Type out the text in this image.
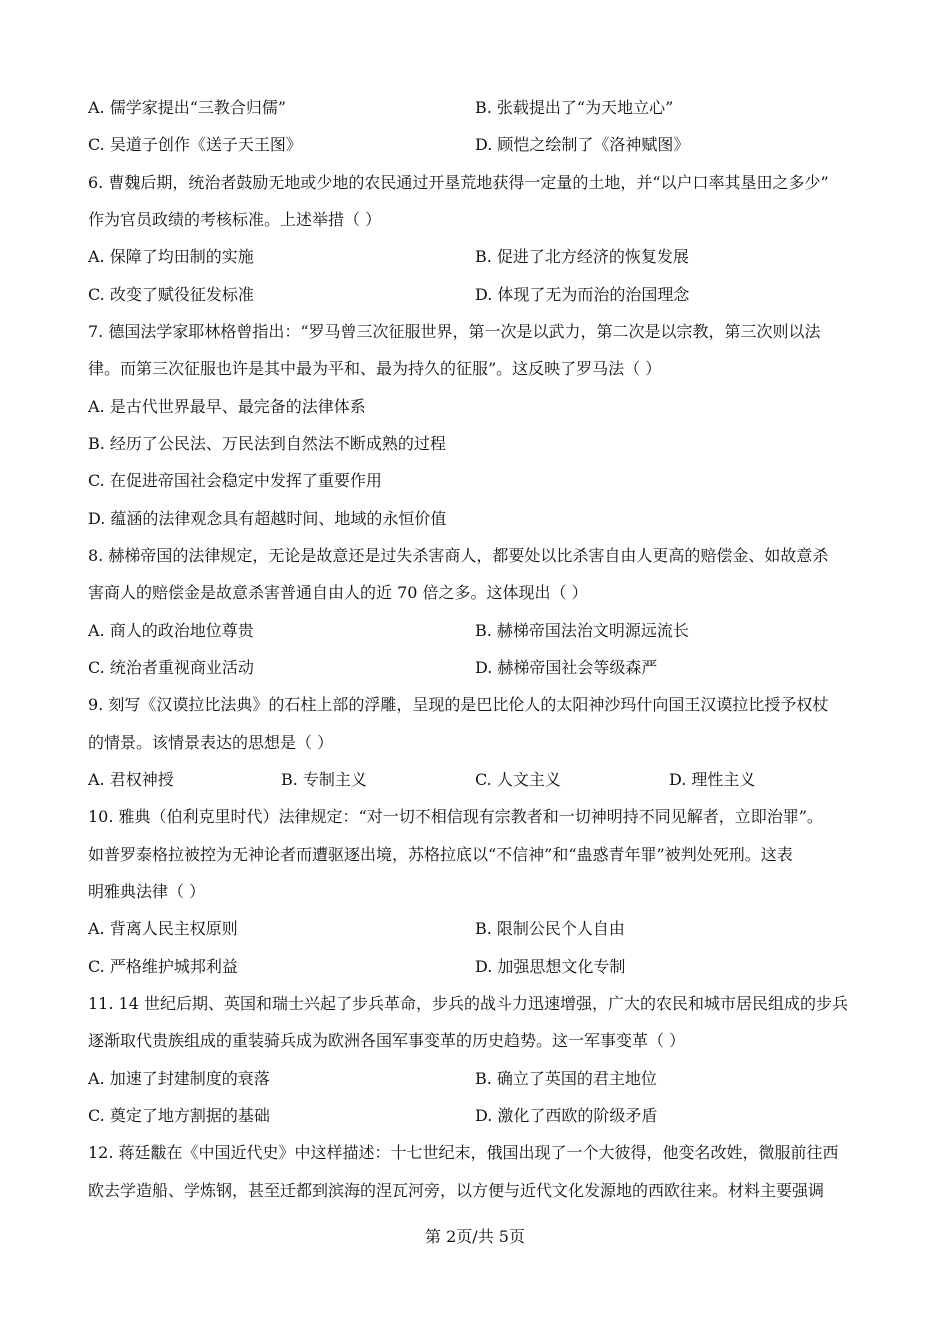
A. 儒学家提出“三教合归儒”	B. 张载提出了“为天地立心”
C. 吴道子创作《送子天王图》	D. 顾恺之绘制了《洛神赋图》
6. 曹魏后期，统治者鼓励无地或少地的农民通过开垦荒地获得一定量的土地，并“以户口率其垦田之多少”
作为官员政绩的考核标准。上述举措（ ）
A. 保障了均田制的实施	B. 促进了北方经济的恢复发展
C. 改变了赋役征发标准	D. 体现了无为而治的治国理念
7. 德国法学家耶林格曾指出：“罗马曾三次征服世界，第一次是以武力，第二次是以宗教，第三次则以法
律。而第三次征服也许是其中最为平和、最为持久的征服”。这反映了罗马法（ ）
A. 是古代世界最早、最完备的法律体系
B. 经历了公民法、万民法到自然法不断成熟的过程
C. 在促进帝国社会稳定中发挥了重要作用
D. 蕴涵的法律观念具有超越时间、地域的永恒价值
8. 赫梯帝国的法律规定，无论是故意还是过失杀害商人，都要处以比杀害自由人更高的赔偿金、如故意杀
害商人的赔偿金是故意杀害普通自由人的近 70 倍之多。这体现出（ ）
A. 商人的政治地位尊贵	B. 赫梯帝国法治文明源远流长
C. 统治者重视商业活动	D. 赫梯帝国社会等级森严
9. 刻写《汉谟拉比法典》的石柱上部的浮雕，呈现的是巴比伦人的太阳神沙玛什向国王汉谟拉比授予权杖
的情景。该情景表达的思想是（ ）
A. 君权神授	B. 专制主义	C. 人文主义	D. 理性主义
10. 雅典（伯利克里时代）法律规定：“对一切不相信现有宗教者和一切神明持不同见解者，立即治罪”。
如普罗泰格拉被控为无神论者而遭驱逐出境，苏格拉底以“不信神”和“蛊惑青年罪”被判处死刑。这表
明雅典法律（ ）
A. 背离人民主权原则	B. 限制公民个人自由
C. 严格维护城邦利益	D. 加强思想文化专制
11. 14 世纪后期、英国和瑞士兴起了步兵革命，步兵的战斗力迅速增强，广大的农民和城市居民组成的步兵
逐渐取代贵族组成的重装骑兵成为欧洲各国军事变革的历史趋势。这一军事变革（ ）
A. 加速了封建制度的衰落	B. 确立了英国的君主地位
C. 奠定了地方割据的基础	D. 激化了西欧的阶级矛盾
12. 蒋廷黻在《中国近代史》中这样描述：十七世纪末，俄国出现了一个大彼得，他变名改姓，微服前往西
欧去学造船、学炼钢，甚至迁都到滨海的涅瓦河旁，以方便与近代文化发源地的西欧往来。材料主要强调
第 2页/共 5页
